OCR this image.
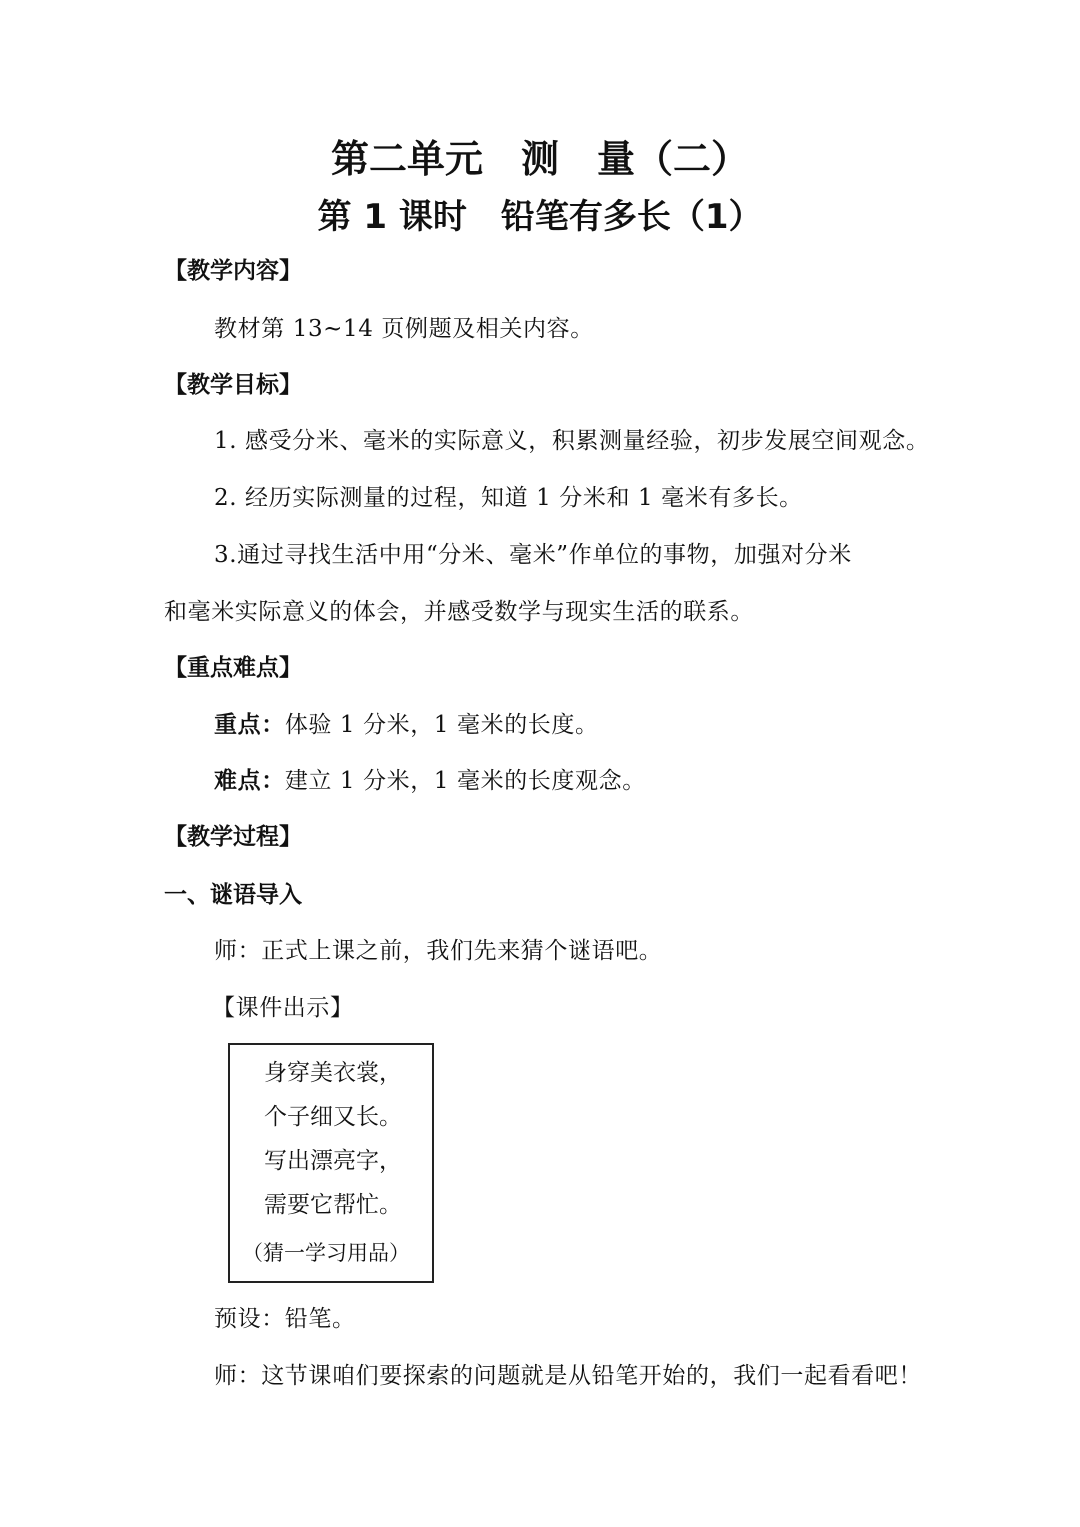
第二单元　测　量（二）
第 1 课时　铅笔有多长（1）
【教学内容】
教材第 13~14 页例题及相关内容。
【教学目标】
1. 感受分米、毫米的实际意义，积累测量经验，初步发展空间观念。
2. 经历实际测量的过程，知道 1 分米和 1 毫米有多长。
3.通过寻找生活中用“分米、毫米”作单位的事物，加强对分米
和毫米实际意义的体会，并感受数学与现实生活的联系。
【重点难点】
重点：体验 1 分米，1 毫米的长度。
难点：建立 1 分米，1 毫米的长度观念。
【教学过程】
一、谜语导入
师：正式上课之前，我们先来猜个谜语吧。
【课件出示】
身穿美衣裳，
个子细又长。
写出漂亮字，
需要它帮忙。
（猜一学习用品）
预设：铅笔。
师：这节课咱们要探索的问题就是从铅笔开始的，我们一起看看吧！
